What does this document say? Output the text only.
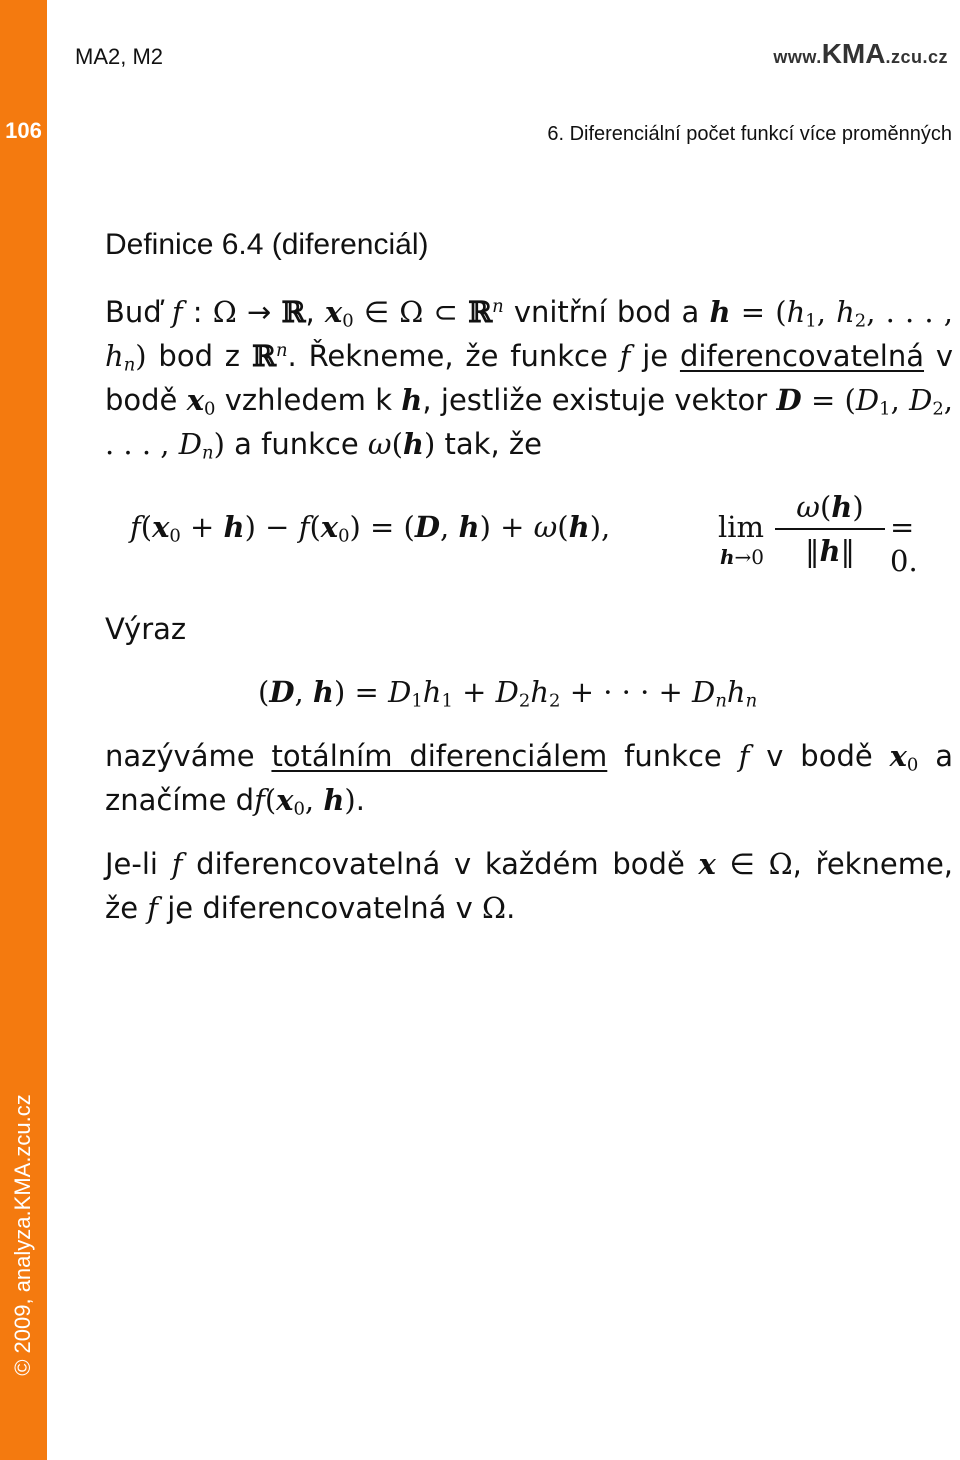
106
© 2009, analyza.KMA.zcu.cz
MA2, M2	www.KMA.zcu.cz
6. Diferenciální počet funkcí více proměnných
Definice 6.4 (diferenciál)
Buď f : Ω → ℝ, $x_0$ ∈ Ω ⊂ ℝ$^n$ vnitřní bod a $h = (h_1$, $h_2$, . . . , $h_n$) bod z ℝ$^n$. Řekneme, že funkce f je diferencovatelná v bodě $x_0$ vzhledem k h, jestliže existuje vektor $D = (D_1$, $D_2$, . . . , $D_n$) a funkce ω(h) tak, že
$f(x_0 + h) - f(x_0) = (D$, h) + ω(h),	lim
h→0
ω(h)
‖h‖
= 0.
Výraz
(D, $h) = D_1h_1 + D_2h_2$ + · · · + $D_nh_n$
nazýváme totálním diferenciálem funkce f v bodě $x_0$ a značíme $df(x_0$, h).
Je-li f diferencovatelná v každém bodě x ∈ Ω, řekneme, že f je diferencovatelná v Ω.
